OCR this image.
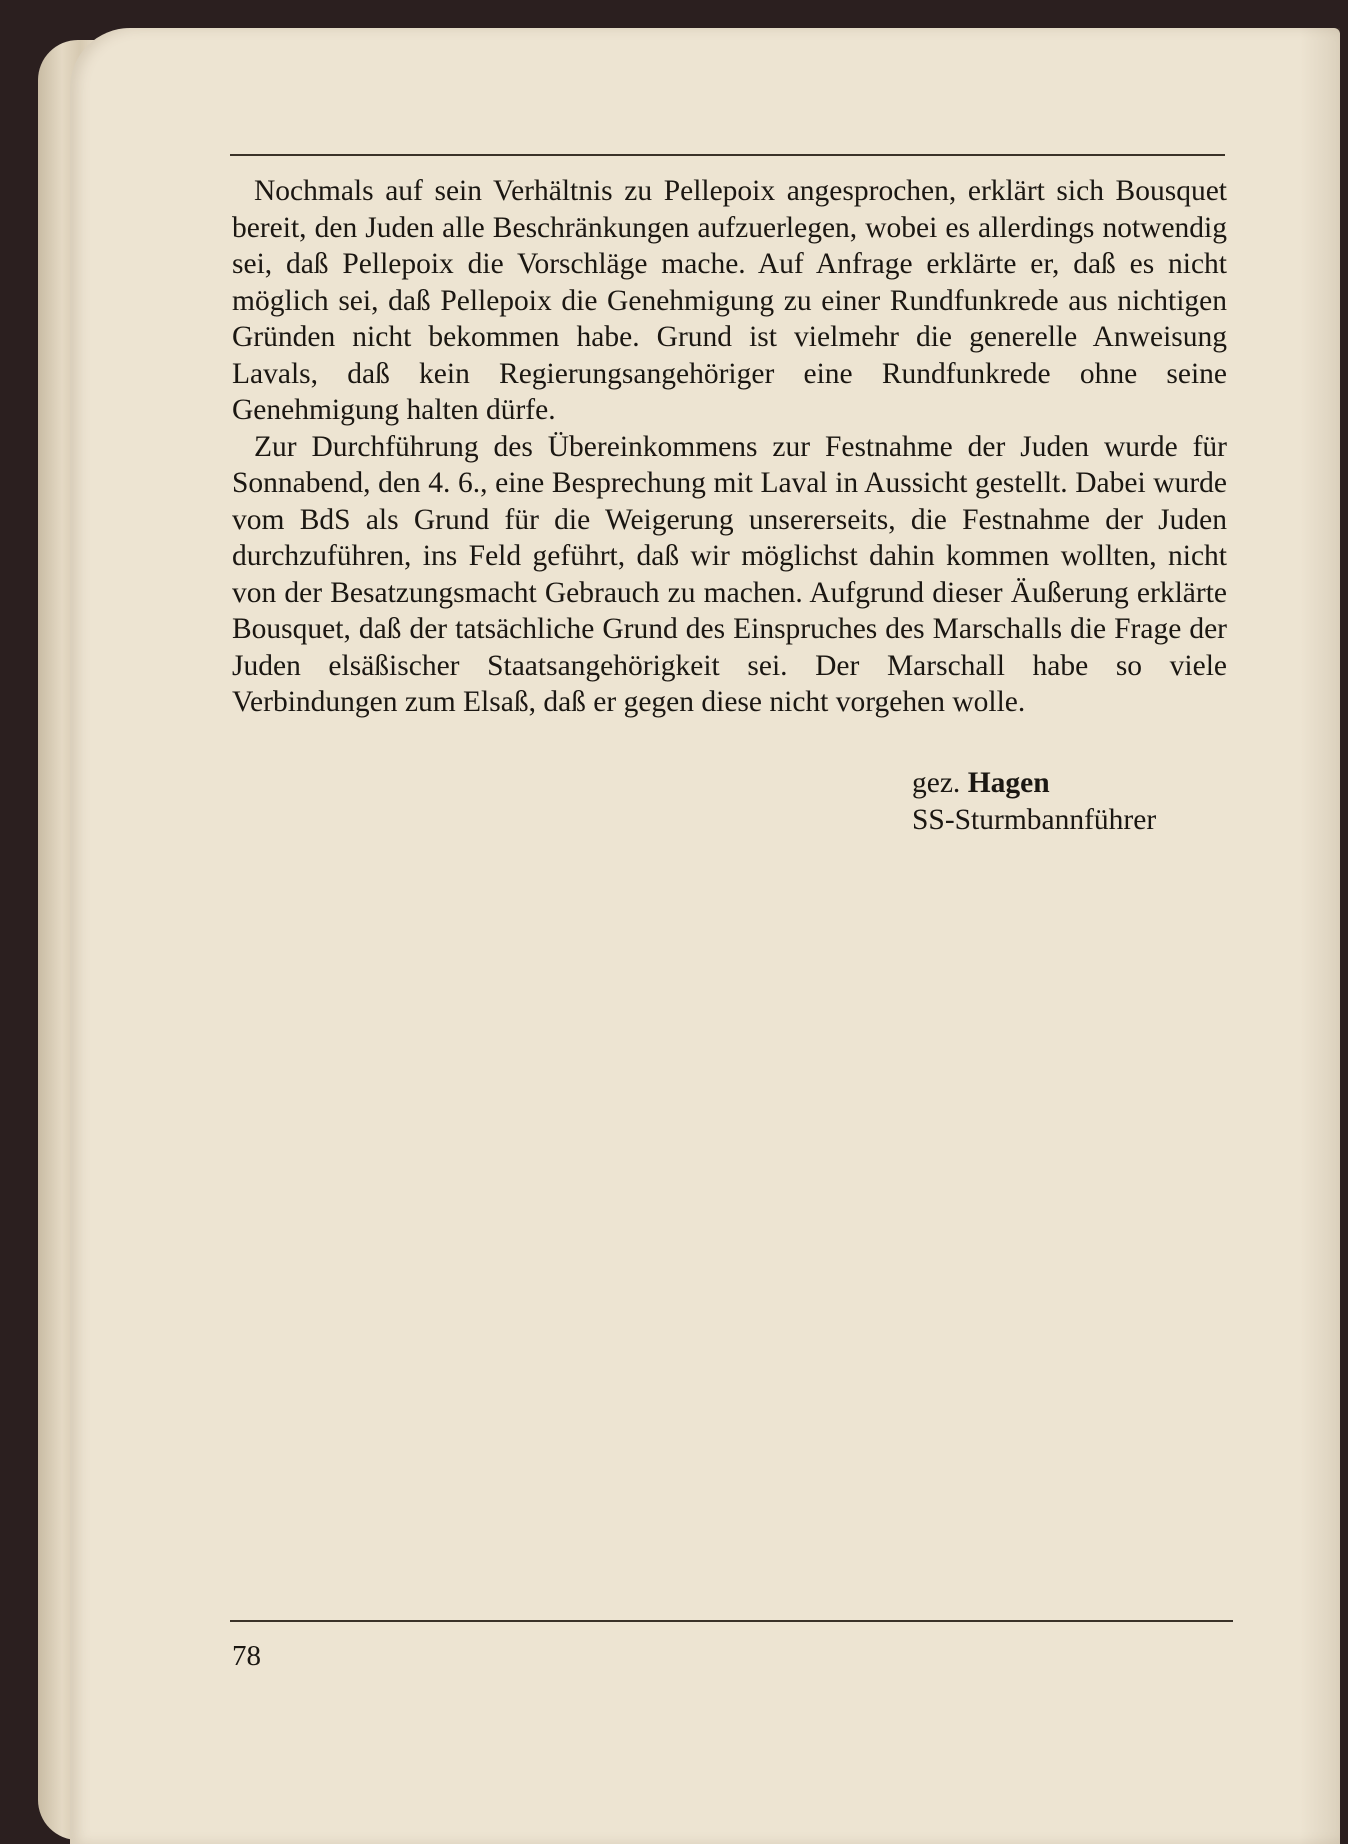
Nochmals auf sein Verhältnis zu Pellepoix angesprochen, erklärt sich Bousquet bereit, den Juden alle Beschränkungen aufzuerlegen, wobei es allerdings notwendig sei, daß Pellepoix die Vorschläge mache. Auf Anfrage erklärte er, daß es nicht möglich sei, daß Pellepoix die Genehmigung zu einer Rundfunkrede aus nichtigen Gründen nicht bekommen habe. Grund ist vielmehr die generelle Anweisung Lavals, daß kein Regierungsangehöriger eine Rundfunkrede ohne seine Genehmigung halten dürfe.

Zur Durchführung des Übereinkommens zur Festnahme der Juden wurde für Sonnabend, den 4. 6., eine Besprechung mit Laval in Aussicht gestellt. Dabei wurde vom BdS als Grund für die Weigerung unsererseits, die Festnahme der Juden durchzuführen, ins Feld geführt, daß wir möglichst dahin kommen wollten, nicht von der Besatzungsmacht Gebrauch zu machen. Aufgrund dieser Äußerung erklärte Bousquet, daß der tatsächliche Grund des Einspruches des Marschalls die Frage der Juden elsäßischer Staatsangehörigkeit sei. Der Marschall habe so viele Verbindungen zum Elsaß, daß er gegen diese nicht vorgehen wolle.

gez. Hagen
SS-Sturmbannführer
78
